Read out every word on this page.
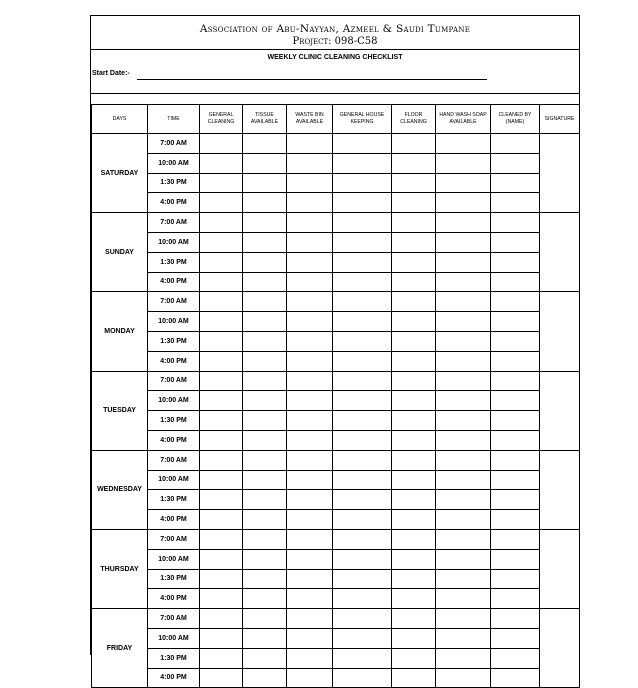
Association of Abu-Nayyan, Azmeel & Saudi Tumpane
Project: 098-C58
WEEKLY CLINIC CLEANING CHECKLIST
Start Date:-
DAYS	TIME	GENERAL CLEANING	TISSUE AVAILABLE	WASTE BIN AVAILABLE	GENERAL HOUSE KEEPING	FLOOR CLEANING	HAND WASH SOAP AVAILABLE	CLEANED BY (NAME)	SIGNATURE
SATURDAY	7:00 AM								
	10:00 AM								
	1:30 PM								
	4:00 PM								
SUNDAY	7:00 AM								
	10:00 AM								
	1:30 PM								
	4:00 PM								
MONDAY	7:00 AM								
	10:00 AM								
	1:30 PM								
	4:00 PM								
TUESDAY	7:00 AM								
	10:00 AM								
	1:30 PM								
	4:00 PM								
WEDNESDAY	7:00 AM								
	10:00 AM								
	1:30 PM								
	4:00 PM								
THURSDAY	7:00 AM								
	10:00 AM								
	1:30 PM								
	4:00 PM								
FRIDAY	7:00 AM								
	10:00 AM								
	1:30 PM								
	4:00 PM								
